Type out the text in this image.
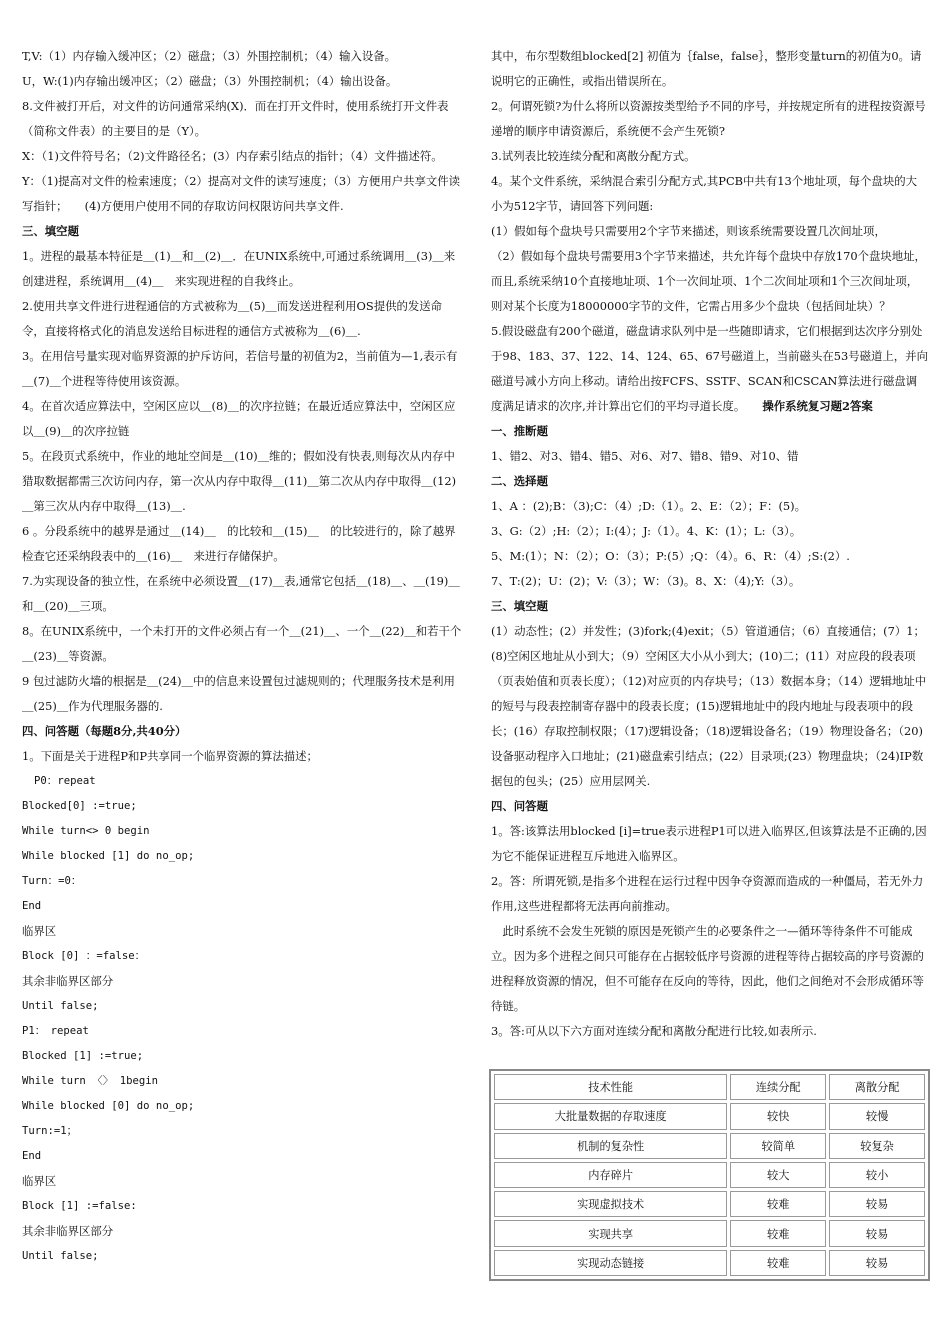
T,V:（1）内存输入缓冲区；（2）磁盘；（3）外围控制机；（4）输入设备。

U，W:(1)内存输出缓冲区；（2）磁盘；（3）外围控制机；（4）输出设备。

8.文件被打开后，对文件的访问通常采纳(X)．而在打开文件时，使用系统打开文件表（简称文件表）的主要目的是（Y）。

X：（1)文件符号名；（2)文件路径名；(3）内存索引结点的指针；（4）文件描述符。

Y：（1)提高对文件的检索速度；（2）提高对文件的读写速度；（3）方便用户共享文件读写指针；　　(4)方便用户使用不同的存取访问权限访问共享文件.

三、填空题

1。进程的最基本特征是＿(1)＿和＿(2)＿．在UNIX系统中,可通过系统调用＿(3)＿来创建进程，系统调用＿(4)＿　来实现进程的自我终止。

2.使用共享文件进行进程通信的方式被称为＿(5)＿而发送进程利用OS提供的发送命令，直接将格式化的消息发送给目标进程的通信方式被称为＿(6)＿.

3。在用信号量实现对临界资源的护斥访问，若信号量的初值为2，当前值为—1,表示有＿(7)＿个进程等待使用该资源。

4。在首次适应算法中，空闲区应以＿(8)＿的次序拉链；在最近适应算法中，空闲区应以＿(9)＿的次序拉链

5。在段页式系统中，作业的地址空间是＿(10)＿维的；假如没有快表,则每次从内存中猎取数据都需三次访问内存，第一次从内存中取得＿(11)＿第二次从内存中取得＿(12)＿第三次从内存中取得＿(13)＿.

6 。分段系统中的越界是通过＿(14)＿　的比较和＿(15)＿　的比较进行的，除了越界检查它还采纳段表中的＿(16)＿　来进行存储保护。

7.为实现设备的独立性，在系统中必须设置＿(17)＿表,通常它包括＿(18)＿、＿(19)＿和＿(20)＿三项。

8。在UNIX系统中，一个未打开的文件必须占有一个＿(21)＿、一个＿(22)＿和若干个＿(23)＿等资源。

9 包过滤防火墙的根据是＿(24)＿中的信息来设置包过滤规则的；代理服务技术是利用＿(25)＿作为代理服务器的.

四、问答题（每题8分,共40分）

1。下面是关于进程P和P共享同一个临界资源的算法描述；

P0：repeat

Blocked[0] :=true;

While turn<> 0 begin

While blocked [1] do no_op;

Turn：=0：

End

临界区

Block [0] ：=false：

其余非临界区部分

Until false;

P1：　repeat

Blocked [1] :=true;

While turn 〈〉 1begin

While blocked [0] do no_op;

Turn:=1；

End

临界区

Block [1] :=false:

其余非临界区部分

Until false;

其中，布尔型数组blocked[2] 初值为｛false，false｝，整形变量turn的初值为0。请说明它的正确性，或指出错误所在。

2。何谓死锁?为什么将所以资源按类型给予不同的序号，并按规定所有的进程按资源号递增的顺序申请资源后，系统便不会产生死锁?

3.试列表比较连续分配和离散分配方式。

4。某个文件系统，采纳混合索引分配方式,其PCB中共有13个地址项，每个盘块的大小为512字节，请回答下列问题:

(1）假如每个盘块号只需要用2个字节来描述，则该系统需要设置几次间址项，

（2）假如每个盘块号需要用3个字节来描述，共允许每个盘块中存放170个盘块地址，而且,系统采纳10个直接地址项、1个一次间址项、1个二次间址项和1个三次间址项，则对某个长度为18000000字节的文件，它需占用多少个盘块（包括间址块）？

5.假设磁盘有200个磁道，磁盘请求队列中是一些随即请求，它们根据到达次序分别处于98、183、37、122、14、124、65、67号磁道上，当前磁头在53号磁道上，并向磁道号减小方向上移动。请给出按FCFS、SSTF、SCAN和CSCAN算法进行磁盘调度满足请求的次序,并计算出它们的平均寻道长度。　　操作系统复习题2答案

一、推断题

1、错2、对3、错4、错5、对6、对7、错8、错9、对10、错

二、选择题

1、A ：(2);B：（3);C：（4）;D:（1）。2、E：（2）；F：(5)。

3、G:（2）;H:（2）；I:(4）；J:（1）。4、K：(1）；L:（3）。

5、M:(1）；N：（2）；O：（3）；P:(5）;Q：（4）。6、R：（4）;S:(2）.

7、T:(2)；U：(2)；V:（3）；W：（3)。8、X：（4);Y:（3）。

三、填空题

(1）动态性；(2）并发性；(3)fork;(4)exit；（5）管道通信；（6）直接通信；(7）1；(8)空闲区地址从小到大；（9）空闲区大小从小到大；(10)二；(11）对应段的段表项（页表始值和页表长度）；（12)对应页的内存块号；（13）数据本身；（14）逻辑地址中的短号与段表控制寄存器中的段表长度；(15)逻辑地址中的段内地址与段表项中的段长；(16）存取控制权限；（17)逻辑设备；（18)逻辑设备名；（19）物理设备名；（20)设备驱动程序入口地址；(21)磁盘索引结点；(22）目录项;(23）物理盘块；（24)IP数据包的包头；(25）应用层网关.

四、问答题

1。答:该算法用blocked [i]=true表示进程P1可以进入临界区,但该算法是不正确的,因为它不能保证进程互斥地进入临界区。

2。答：所谓死锁,是指多个进程在运行过程中因争夺资源而造成的一种僵局，若无外力作用,这些进程都将无法再向前推动。

　此时系统不会发生死锁的原因是死锁产生的必要条件之一—循环等待条件不可能成立。因为多个进程之间只可能存在占据较低序号资源的进程等待占据较高的序号资源的进程释放资源的情况，但不可能存在反向的等待，因此，他们之间绝对不会形成循环等待链。

3。答:可从以下六方面对连续分配和离散分配进行比较,如表所示.

技术性能	连续分配	离散分配
大批量数据的存取速度	较快	较慢
机制的复杂性	较简单	较复杂
内存碎片	较大	较小
实现虚拟技术	较难	较易
实现共享	较难	较易
实现动态链接	较难	较易
